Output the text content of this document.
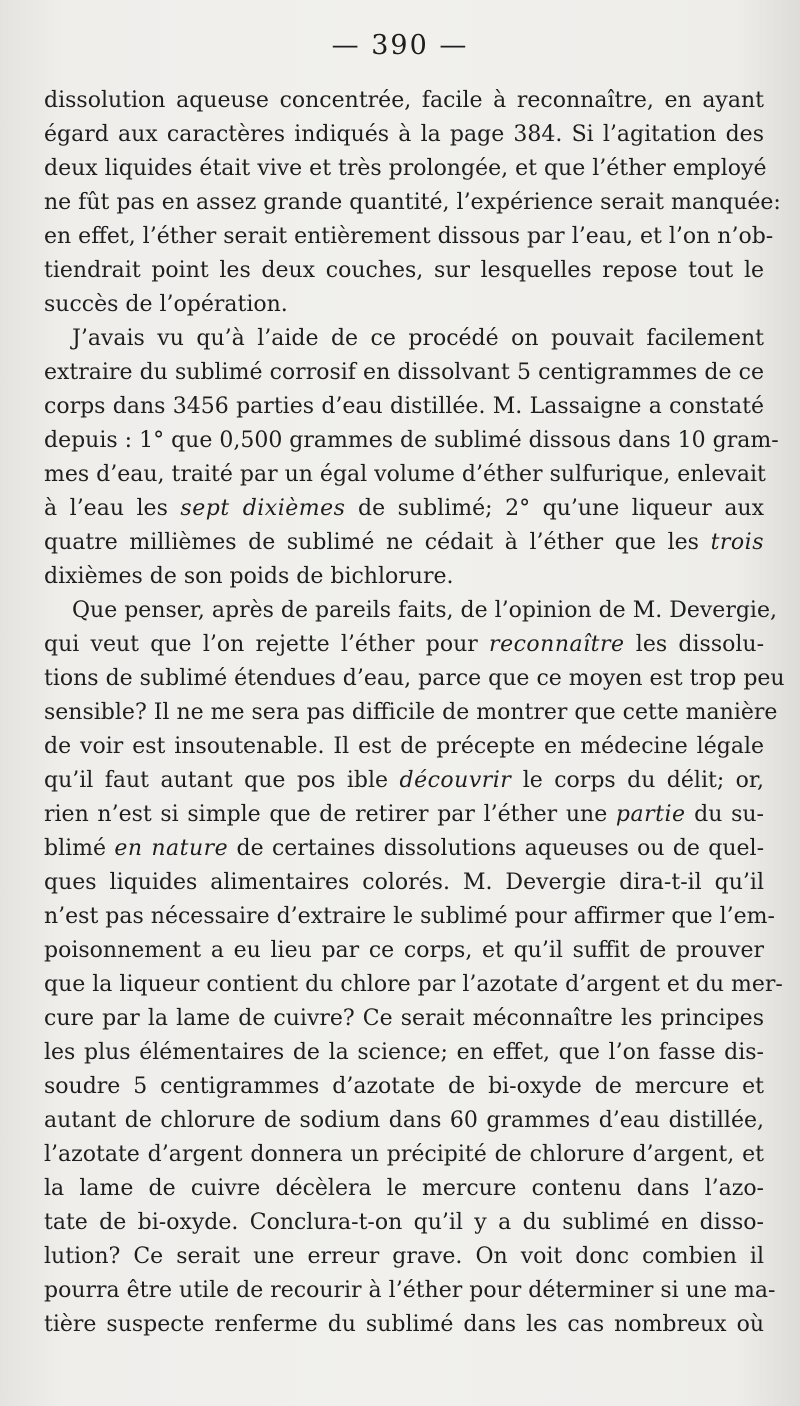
— 390 —
dissolution aqueuse concentrée, facile à reconnaître, en ayant
égard aux caractères indiqués à la page 384. Si l’agitation des
deux liquides était vive et très prolongée, et que l’éther employé
ne fût pas en assez grande quantité, l’expérience serait manquée:
en effet, l’éther serait entièrement dissous par l’eau, et l’on n’ob-
tiendrait point les deux couches, sur lesquelles repose tout le
succès de l’opération.
J’avais vu qu’à l’aide de ce procédé on pouvait facilement
extraire du sublimé corrosif en dissolvant 5 centigrammes de ce
corps dans 3456 parties d’eau distillée. M. Lassaigne a constaté
depuis : 1° que 0,500 grammes de sublimé dissous dans 10 gram-
mes d’eau, traité par un égal volume d’éther sulfurique, enlevait
à l’eau les sept dixièmes de sublimé; 2° qu’une liqueur aux
quatre millièmes de sublimé ne cédait à l’éther que les trois
dixièmes de son poids de bichlorure.
Que penser, après de pareils faits, de l’opinion de M. Devergie,
qui veut que l’on rejette l’éther pour reconnaître les dissolu-
tions de sublimé étendues d’eau, parce que ce moyen est trop peu
sensible? Il ne me sera pas difficile de montrer que cette manière
de voir est insoutenable. Il est de précepte en médecine légale
qu’il faut autant que pos ible découvrir le corps du délit; or,
rien n’est si simple que de retirer par l’éther une partie du su-
blimé en nature de certaines dissolutions aqueuses ou de quel-
ques liquides alimentaires colorés. M. Devergie dira-t-il qu’il
n’est pas nécessaire d’extraire le sublimé pour affirmer que l’em-
poisonnement a eu lieu par ce corps, et qu’il suffit de prouver
que la liqueur contient du chlore par l’azotate d’argent et du mer-
cure par la lame de cuivre? Ce serait méconnaître les principes
les plus élémentaires de la science; en effet, que l’on fasse dis-
soudre 5 centigrammes d’azotate de bi-oxyde de mercure et
autant de chlorure de sodium dans 60 grammes d’eau distillée,
l’azotate d’argent donnera un précipité de chlorure d’argent, et
la lame de cuivre décèlera le mercure contenu dans l’azo-
tate de bi-oxyde. Conclura-t-on qu’il y a du sublimé en disso-
lution? Ce serait une erreur grave. On voit donc combien il
pourra être utile de recourir à l’éther pour déterminer si une ma-
tière suspecte renferme du sublimé dans les cas nombreux où
